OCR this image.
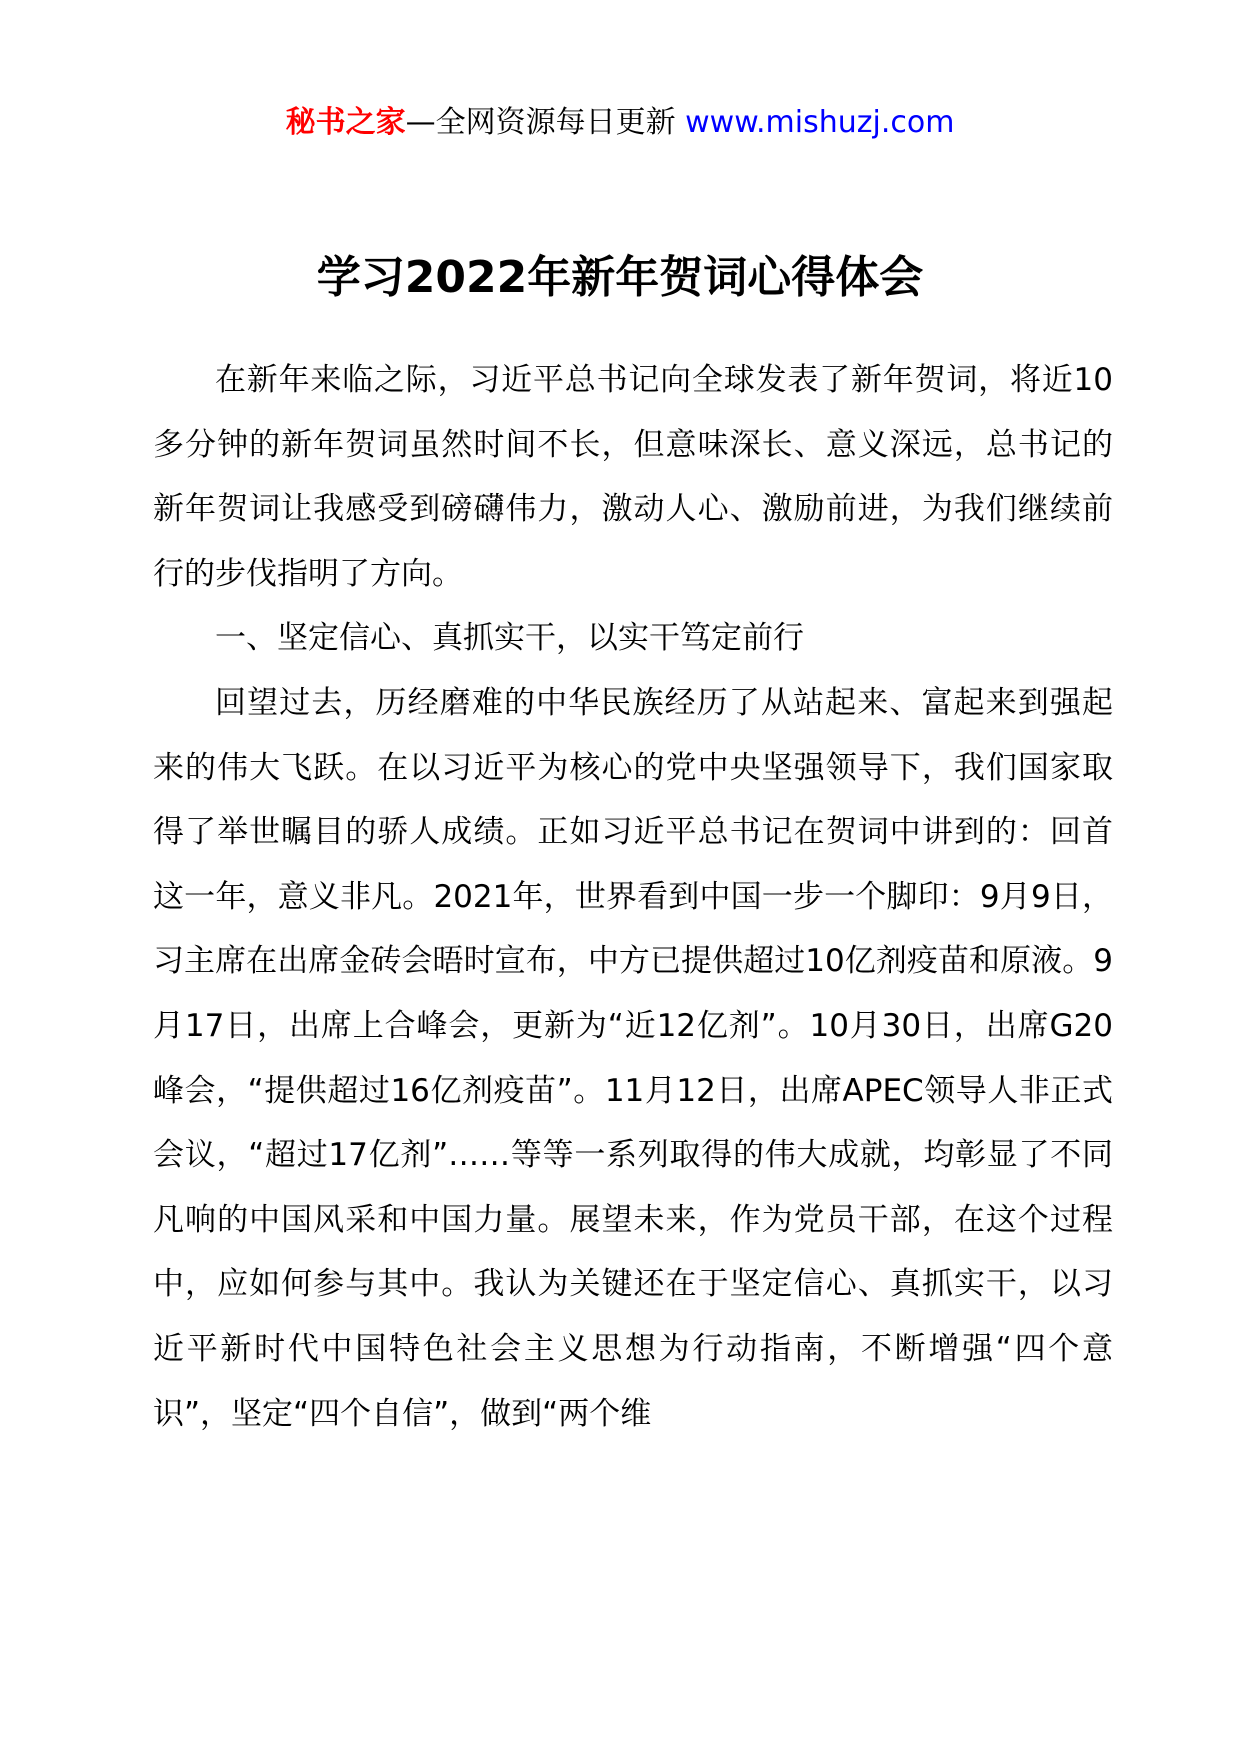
秘书之家—全网资源每日更新 www.mishuzj.com
学习2022年新年贺词心得体会

在新年来临之际，习近平总书记向全球发表了新年贺词，将近10多分钟的新年贺词虽然时间不长，但意味深长、意义深远，总书记的新年贺词让我感受到磅礴伟力，激动人心、激励前进，为我们继续前行的步伐指明了方向。

一、坚定信心、真抓实干，以实干笃定前行

回望过去，历经磨难的中华民族经历了从站起来、富起来到强起来的伟大飞跃。在以习近平为核心的党中央坚强领导下，我们国家取得了举世瞩目的骄人成绩。正如习近平总书记在贺词中讲到的：回首这一年，意义非凡。2021年，世界看到中国一步一个脚印：9月9日，习主席在出席金砖会晤时宣布，中方已提供超过10亿剂疫苗和原液。9月17日，出席上合峰会，更新为“近12亿剂”。10月30日，出席G20峰会，“提供超过16亿剂疫苗”。11月12日，出席APEC领导人非正式会议，“超过17亿剂”……等等一系列取得的伟大成就，均彰显了不同凡响的中国风采和中国力量。展望未来，作为党员干部，在这个过程中，应如何参与其中。我认为关键还在于坚定信心、真抓实干，以习近平新时代中国特色社会主义思想为行动指南，不断增强“四个意识”，坚定“四个自信”，做到“两个维
